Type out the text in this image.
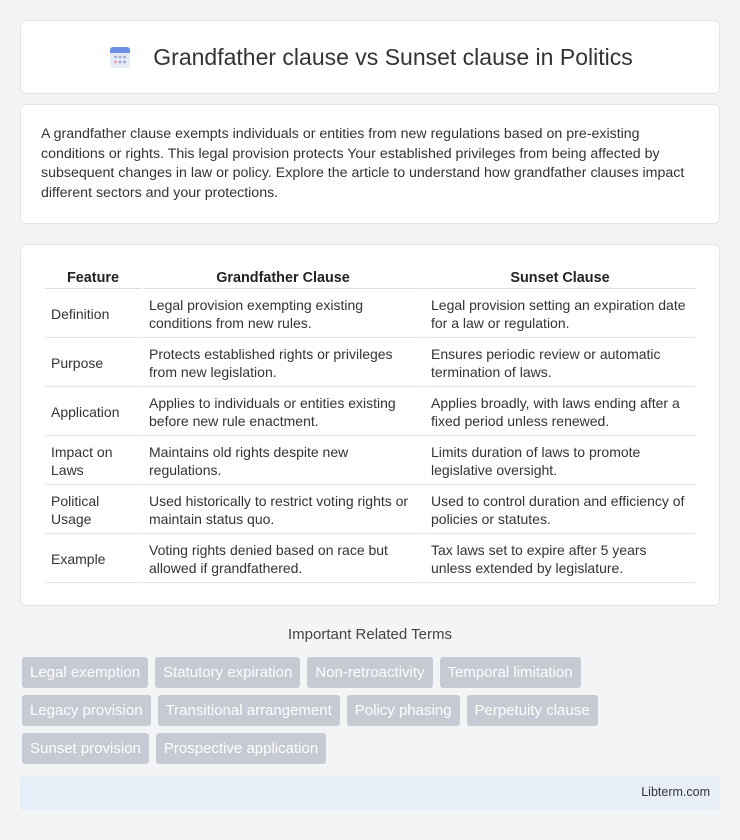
Grandfather clause vs Sunset clause in Politics

A grandfather clause exempts individuals or entities from new regulations based on pre-existing conditions or rights. This legal provision protects Your established privileges from being affected by subsequent changes in law or policy. Explore the article to understand how grandfather clauses impact different sectors and your protections.

Feature	Grandfather Clause	Sunset Clause
Definition	Legal provision exempting existing conditions from new rules.	Legal provision setting an expiration date for a law or regulation.
Purpose	Protects established rights or privileges from new legislation.	Ensures periodic review or automatic termination of laws.
Application	Applies to individuals or entities existing before new rule enactment.	Applies broadly, with laws ending after a fixed period unless renewed.
Impact on Laws	Maintains old rights despite new regulations.	Limits duration of laws to promote legislative oversight.
Political Usage	Used historically to restrict voting rights or maintain status quo.	Used to control duration and efficiency of policies or statutes.
Example	Voting rights denied based on race but allowed if grandfathered.	Tax laws set to expire after 5 years unless extended by legislature.
Important Related Terms
Legal exemption	Statutory expiration	Non-retroactivity	Temporal limitation
Legacy provision	Transitional arrangement	Policy phasing	Perpetuity clause
Sunset provision	Prospective application
Libterm.com
